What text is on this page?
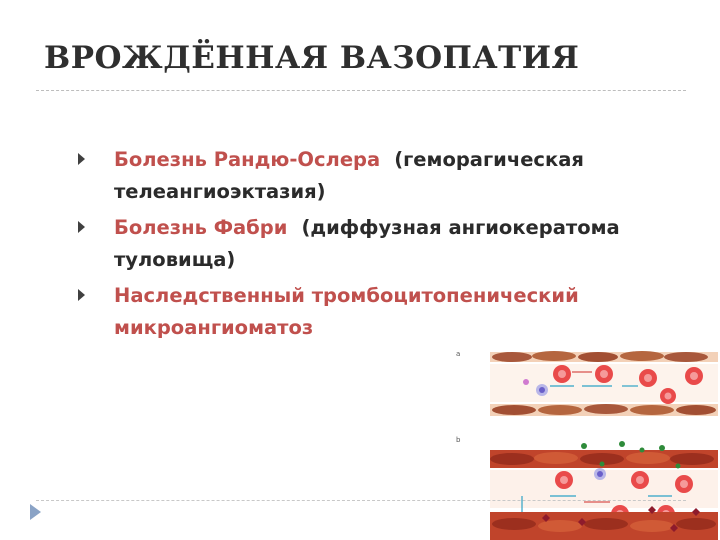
ВРОЖДЁННАЯ ВАЗОПАТИЯ
Болезнь Рандю-Ослера (геморагическая
телеангиоэктазия)
Болезнь Фабри (диффузная ангиокератома
туловища)
Наследственный тромбоцитопенический
микроангиоматоз
a
b
